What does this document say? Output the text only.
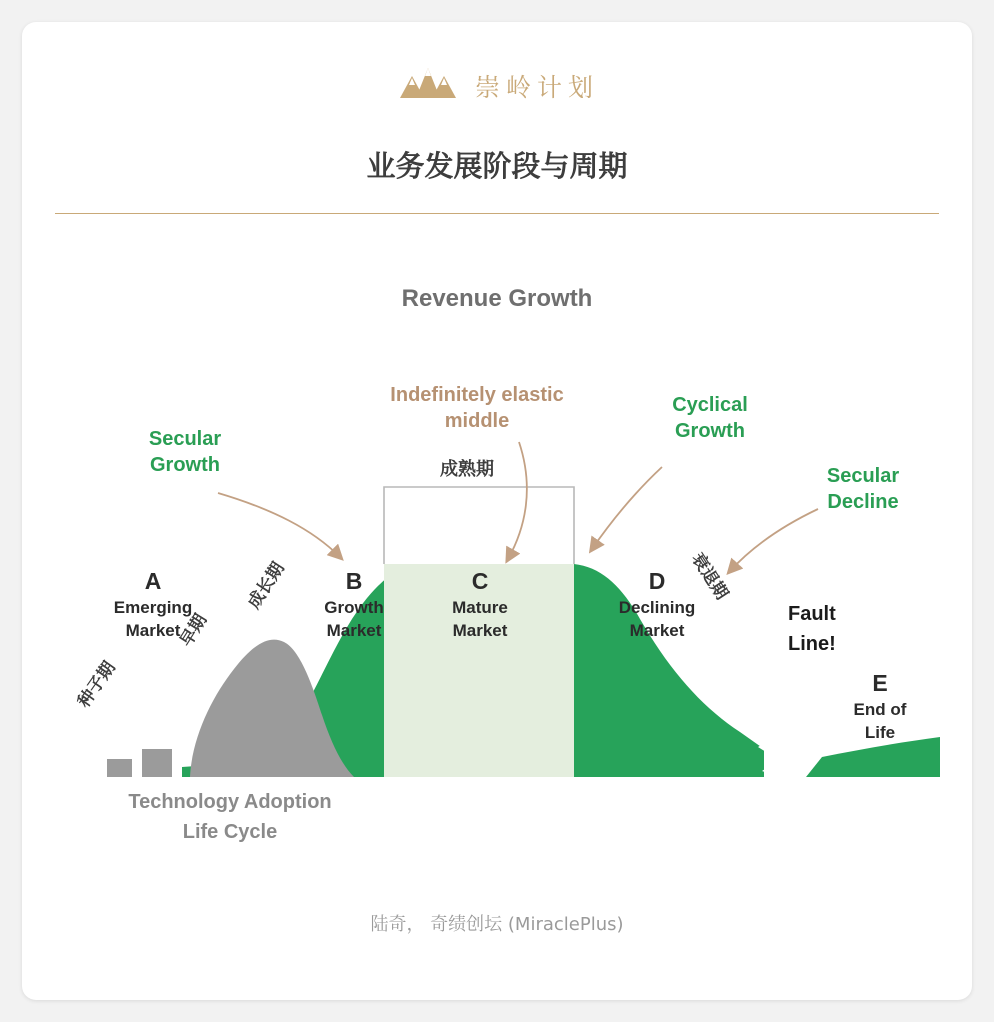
崇岭计划
业务发展阶段与周期
Revenue Growth
A
Emerging
Market
B
Growth
Market
C
Mature
Market
D
Declining
Market
E
End of
Life
Secular
Growth
Indefinitely elastic
middle
Cyclical
Growth
Secular
Decline
Fault
Line!
种子期
早期
成长期
成熟期
衰退期
Technology Adoption
Life Cycle
陆奇， 奇绩创坛 (MiraclePlus)
